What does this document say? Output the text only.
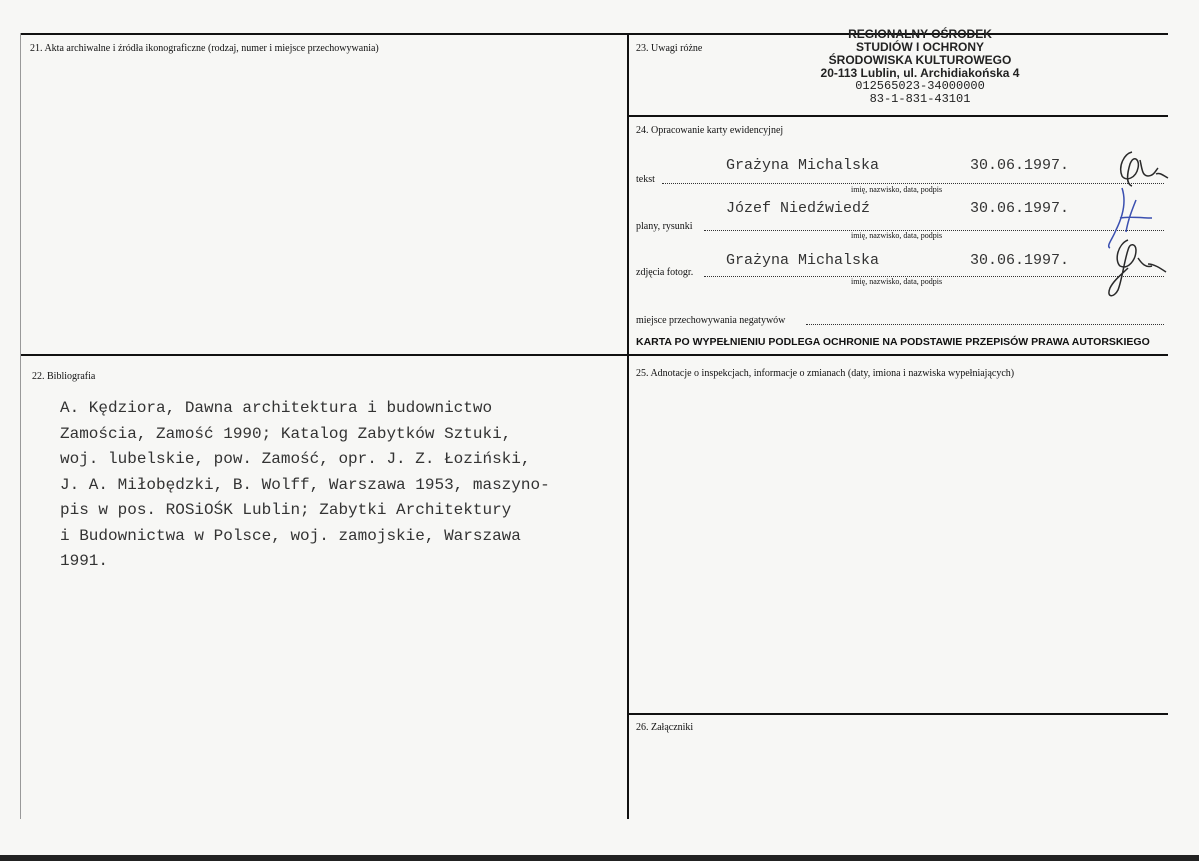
21. Akta archiwalne i źródła ikonograficzne (rodzaj, numer i miejsce przechowywania)	23. Uwagi różne
24. Opracowanie karty ewidencyjnej
22. Bibliografia	25. Adnotacje o inspekcjach, informacje o zmianach (daty, imiona i nazwiska wypełniających)
26. Załączniki
REGIONALNY OŚRODEK
STUDIÓW I OCHRONY
ŚRODOWISKA KULTUROWEGO
20-113 Lublin, ul. Archidiakońska 4
012565023-34000000
83-1-831-43101
tekst
Grażyna Michalska	30.06.1997.
imię, nazwisko, data, podpis
plany, rysunki
Józef Niedźwiedź	30.06.1997.
imię, nazwisko, data, podpis
zdjęcia fotogr.
Grażyna Michalska	30.06.1997.
imię, nazwisko, data, podpis
miejsce przechowywania negatywów
KARTA PO WYPEŁNIENIU PODLEGA OCHRONIE NA PODSTAWIE PRZEPISÓW PRAWA AUTORSKIEGO
A. Kędziora, Dawna architektura i budownictwo
Zamościa, Zamość 1990; Katalog Zabytków Sztuki,
woj. lubelskie, pow. Zamość, opr. J. Z. Łoziński,
J. A. Miłobędzki, B. Wolff, Warszawa 1953, maszyno-
pis w pos. ROSiOŚK Lublin; Zabytki Architektury
i Budownictwa w Polsce, woj. zamojskie, Warszawa
1991.
